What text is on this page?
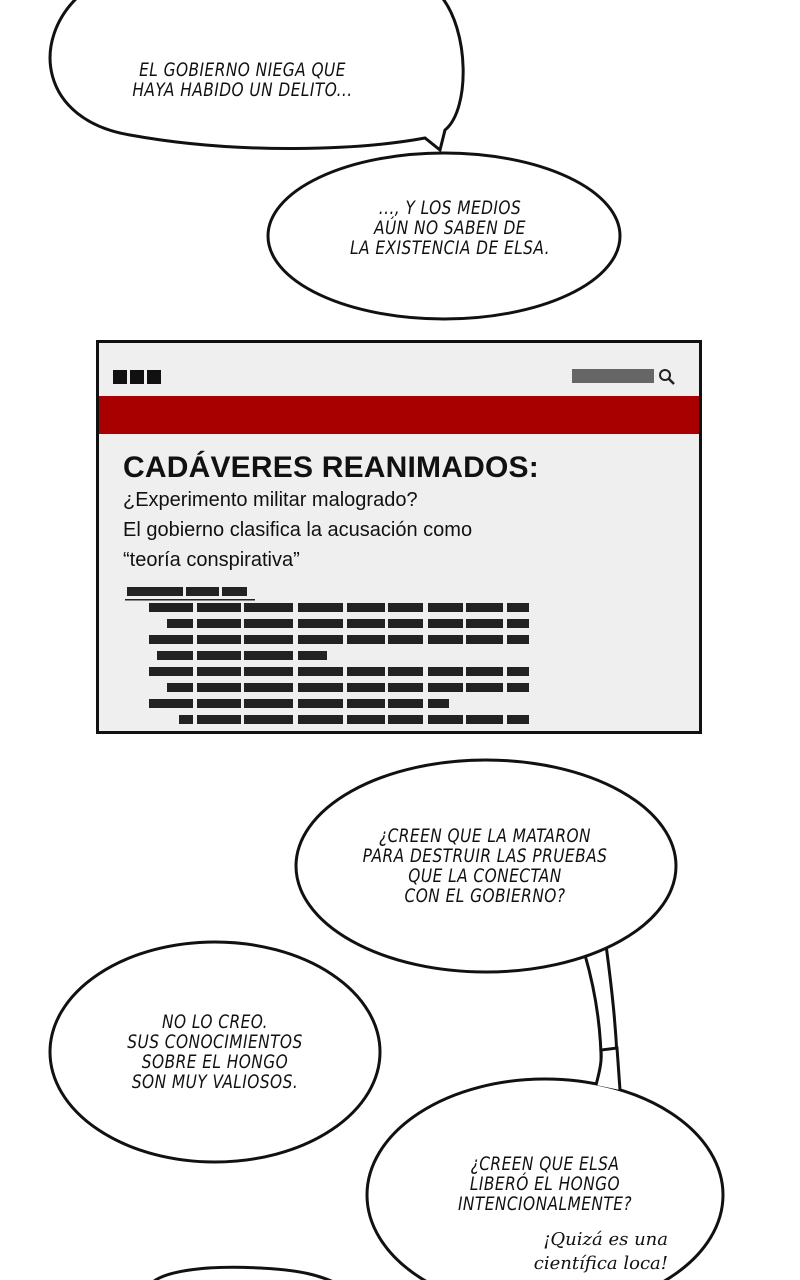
EL GOBIERNO NIEGA QUE
HAYA HABIDO UN DELITO...
..., Y LOS MEDIOS
AÚN NO SABEN DE
LA EXISTENCIA DE ELSA.
CADÁVERES REANIMADOS:
¿Experimento militar malogrado?
El gobierno clasifica la acusación como
“teoría conspirativa”
¿CREEN QUE LA MATARON
PARA DESTRUIR LAS PRUEBAS
QUE LA CONECTAN
CON EL GOBIERNO?
NO LO CREO.
SUS CONOCIMIENTOS
SOBRE EL HONGO
SON MUY VALIOSOS.
¿CREEN QUE ELSA
LIBERÓ EL HONGO
INTENCIONALMENTE?
¡Quizá es una
científica loca!
